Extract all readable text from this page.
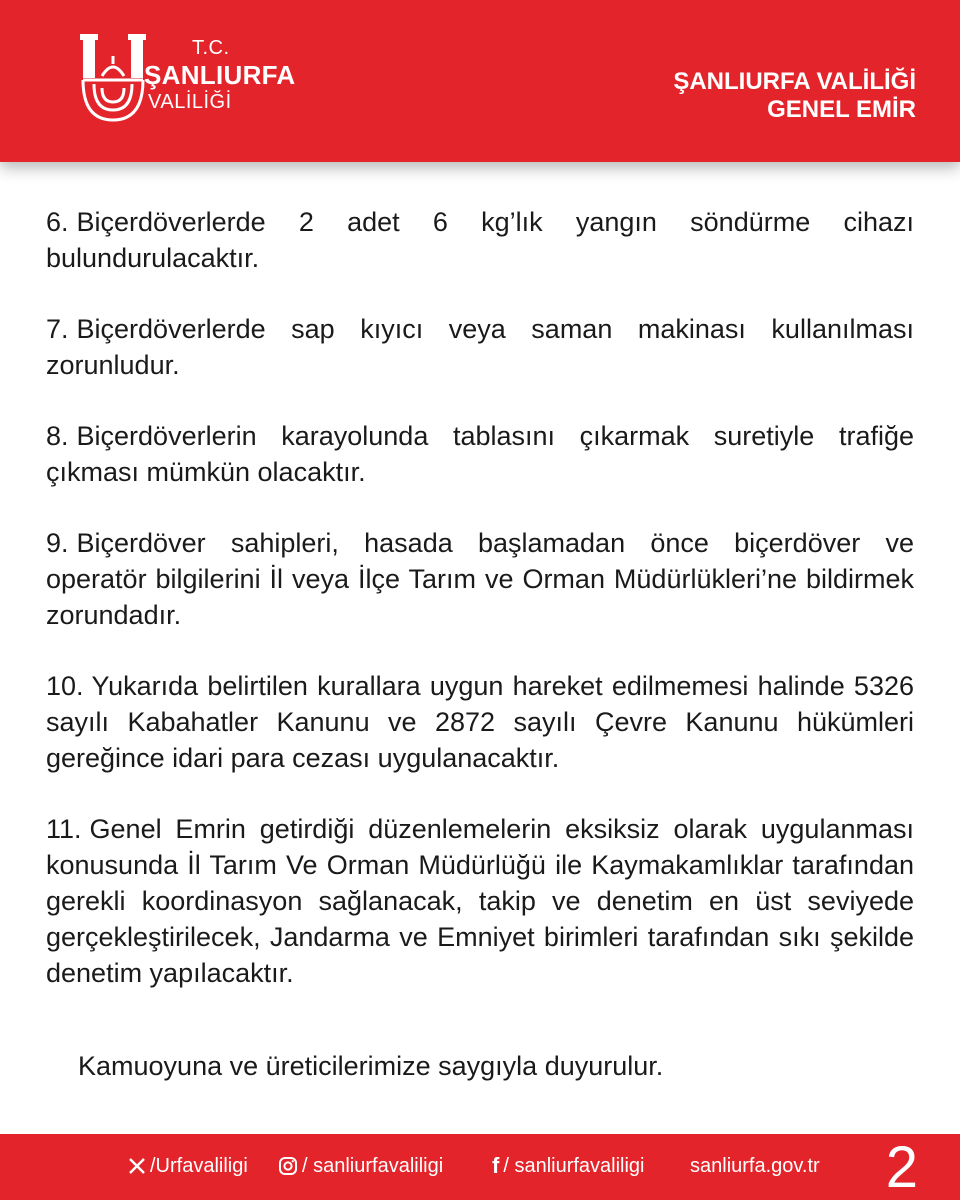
T.C.
ŞANLIURFA
VALİLİĞİ
ŞANLIURFA VALİLİĞİ
GENEL EMİR

6. Biçerdöverlerde 2 adet 6 kg’lık yangın söndürme cihazı bulundurulacaktır.

7. Biçerdöverlerde sap kıyıcı veya saman makinası kullanılması zorunludur.

8. Biçerdöverlerin karayolunda tablasını çıkarmak suretiyle trafiğe çıkması mümkün olacaktır.

9. Biçerdöver sahipleri, hasada başlamadan önce biçerdöver ve operatör bilgilerini İl veya İlçe Tarım ve Orman Müdürlükleri’ne bildirmek zorundadır.

10. Yukarıda belirtilen kurallara uygun hareket edilmemesi halinde 5326 sayılı Kabahatler Kanunu ve 2872 sayılı Çevre Kanunu hükümleri gereğince idari para cezası uygulanacaktır.

11. Genel Emrin getirdiği düzenlemelerin eksiksiz olarak uygulanması konusunda İl Tarım Ve Orman Müdürlüğü ile Kaymakamlıklar tarafından gerekli koordinasyon sağlanacak, takip ve denetim en üst seviyede gerçekleştirilecek, Jandarma ve Emniyet birimleri tarafından sıkı şekilde denetim yapılacaktır.

Kamuoyuna ve üreticilerimize saygıyla duyurulur.

/Urfavaliligi	/ sanliurfavaliligi f / sanliurfavaliligi sanliurfa.gov.tr 2
